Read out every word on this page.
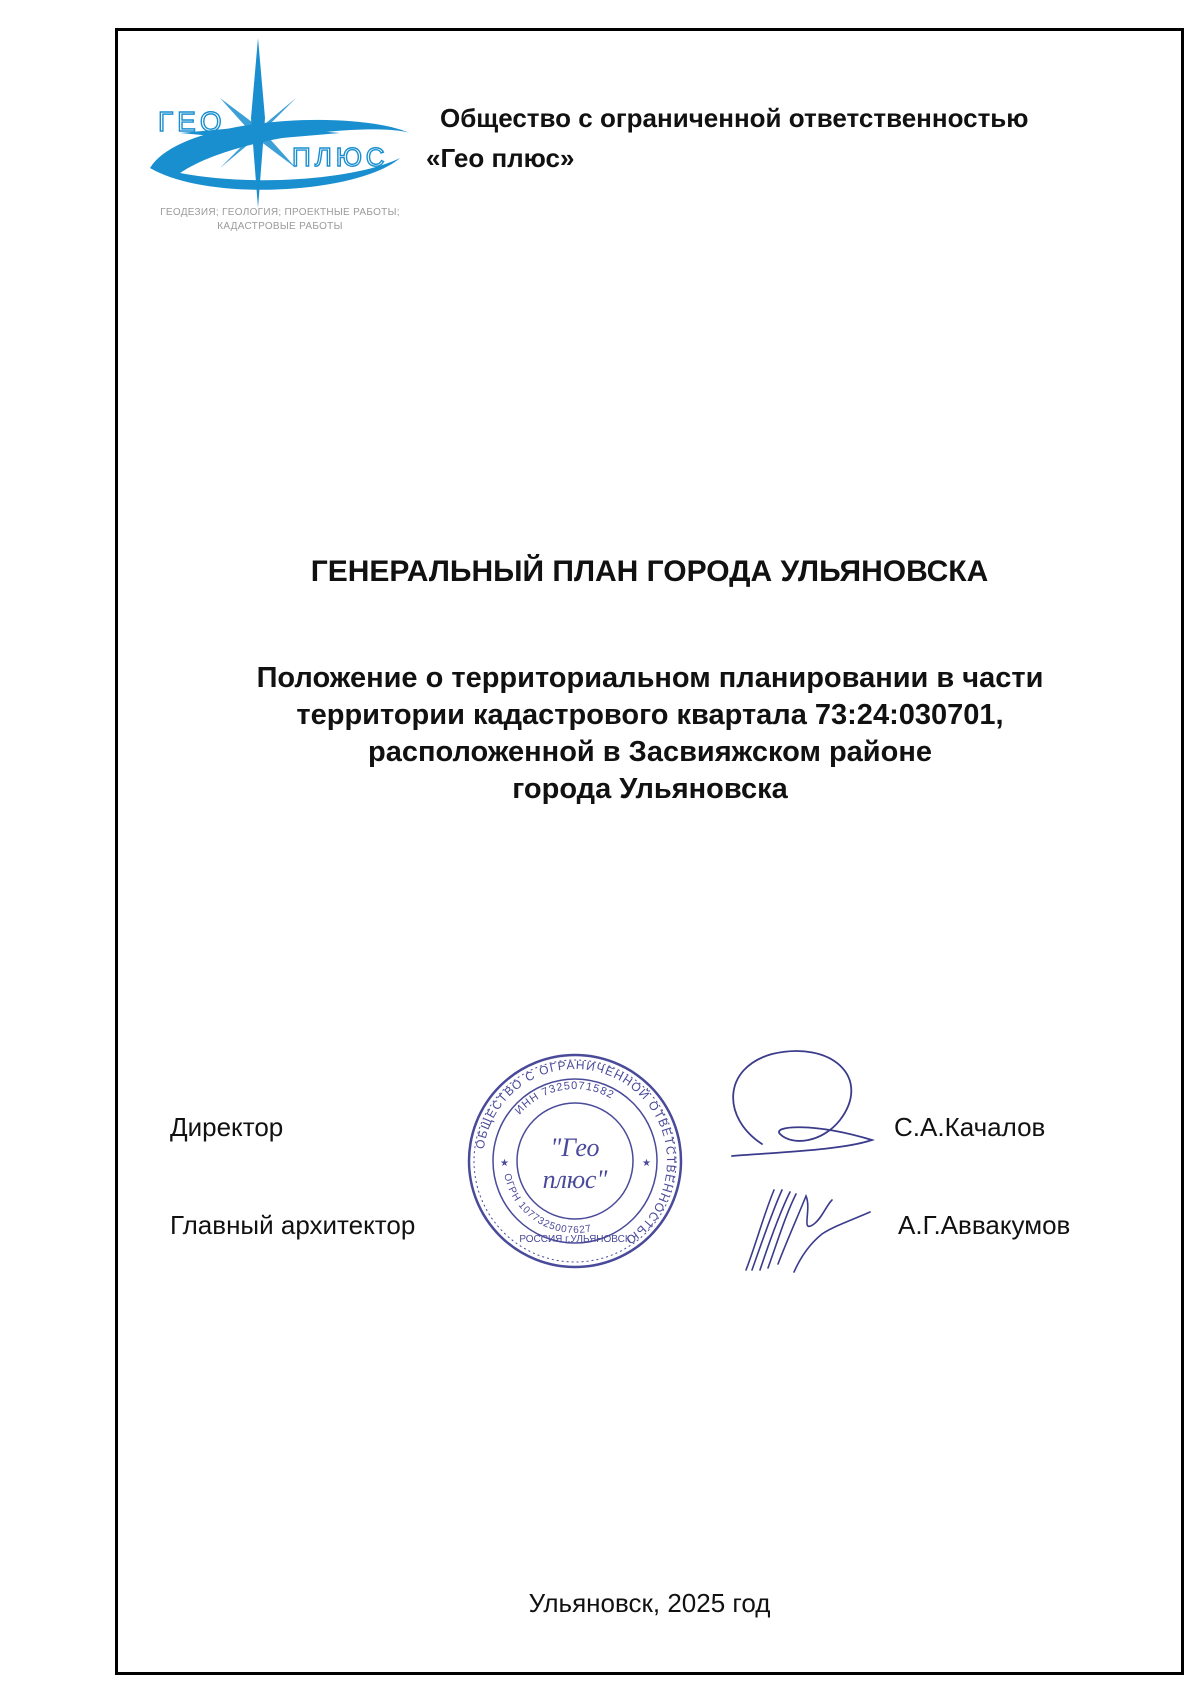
ГЕО
ПЛЮС
ГЕОДЕЗИЯ; ГЕОЛОГИЯ; ПРОЕКТНЫЕ РАБОТЫ;
КАДАСТРОВЫЕ РАБОТЫ
Общество с ограниченной ответственностью
«Гео плюс»
ГЕНЕРАЛЬНЫЙ ПЛАН ГОРОДА УЛЬЯНОВСКА
Положение о территориальном планировании в части
территории кадастрового квартала 73:24:030701,
расположенной в Засвияжском районе
города Ульяновска
Директор	С.А.Качалов
Главный архитектор	А.Г.Аввакумов
ОБЩЕСТВО С ОГРАНИЧЕННОЙ ОТВЕТСТВЕННОСТЬЮ
ИНН 7325071582
ОГРН 1077325007627
РОССИЯ г.УЛЬЯНОВСК
"Гео
плюс"
★	★
Ульяновск, 2025 год
